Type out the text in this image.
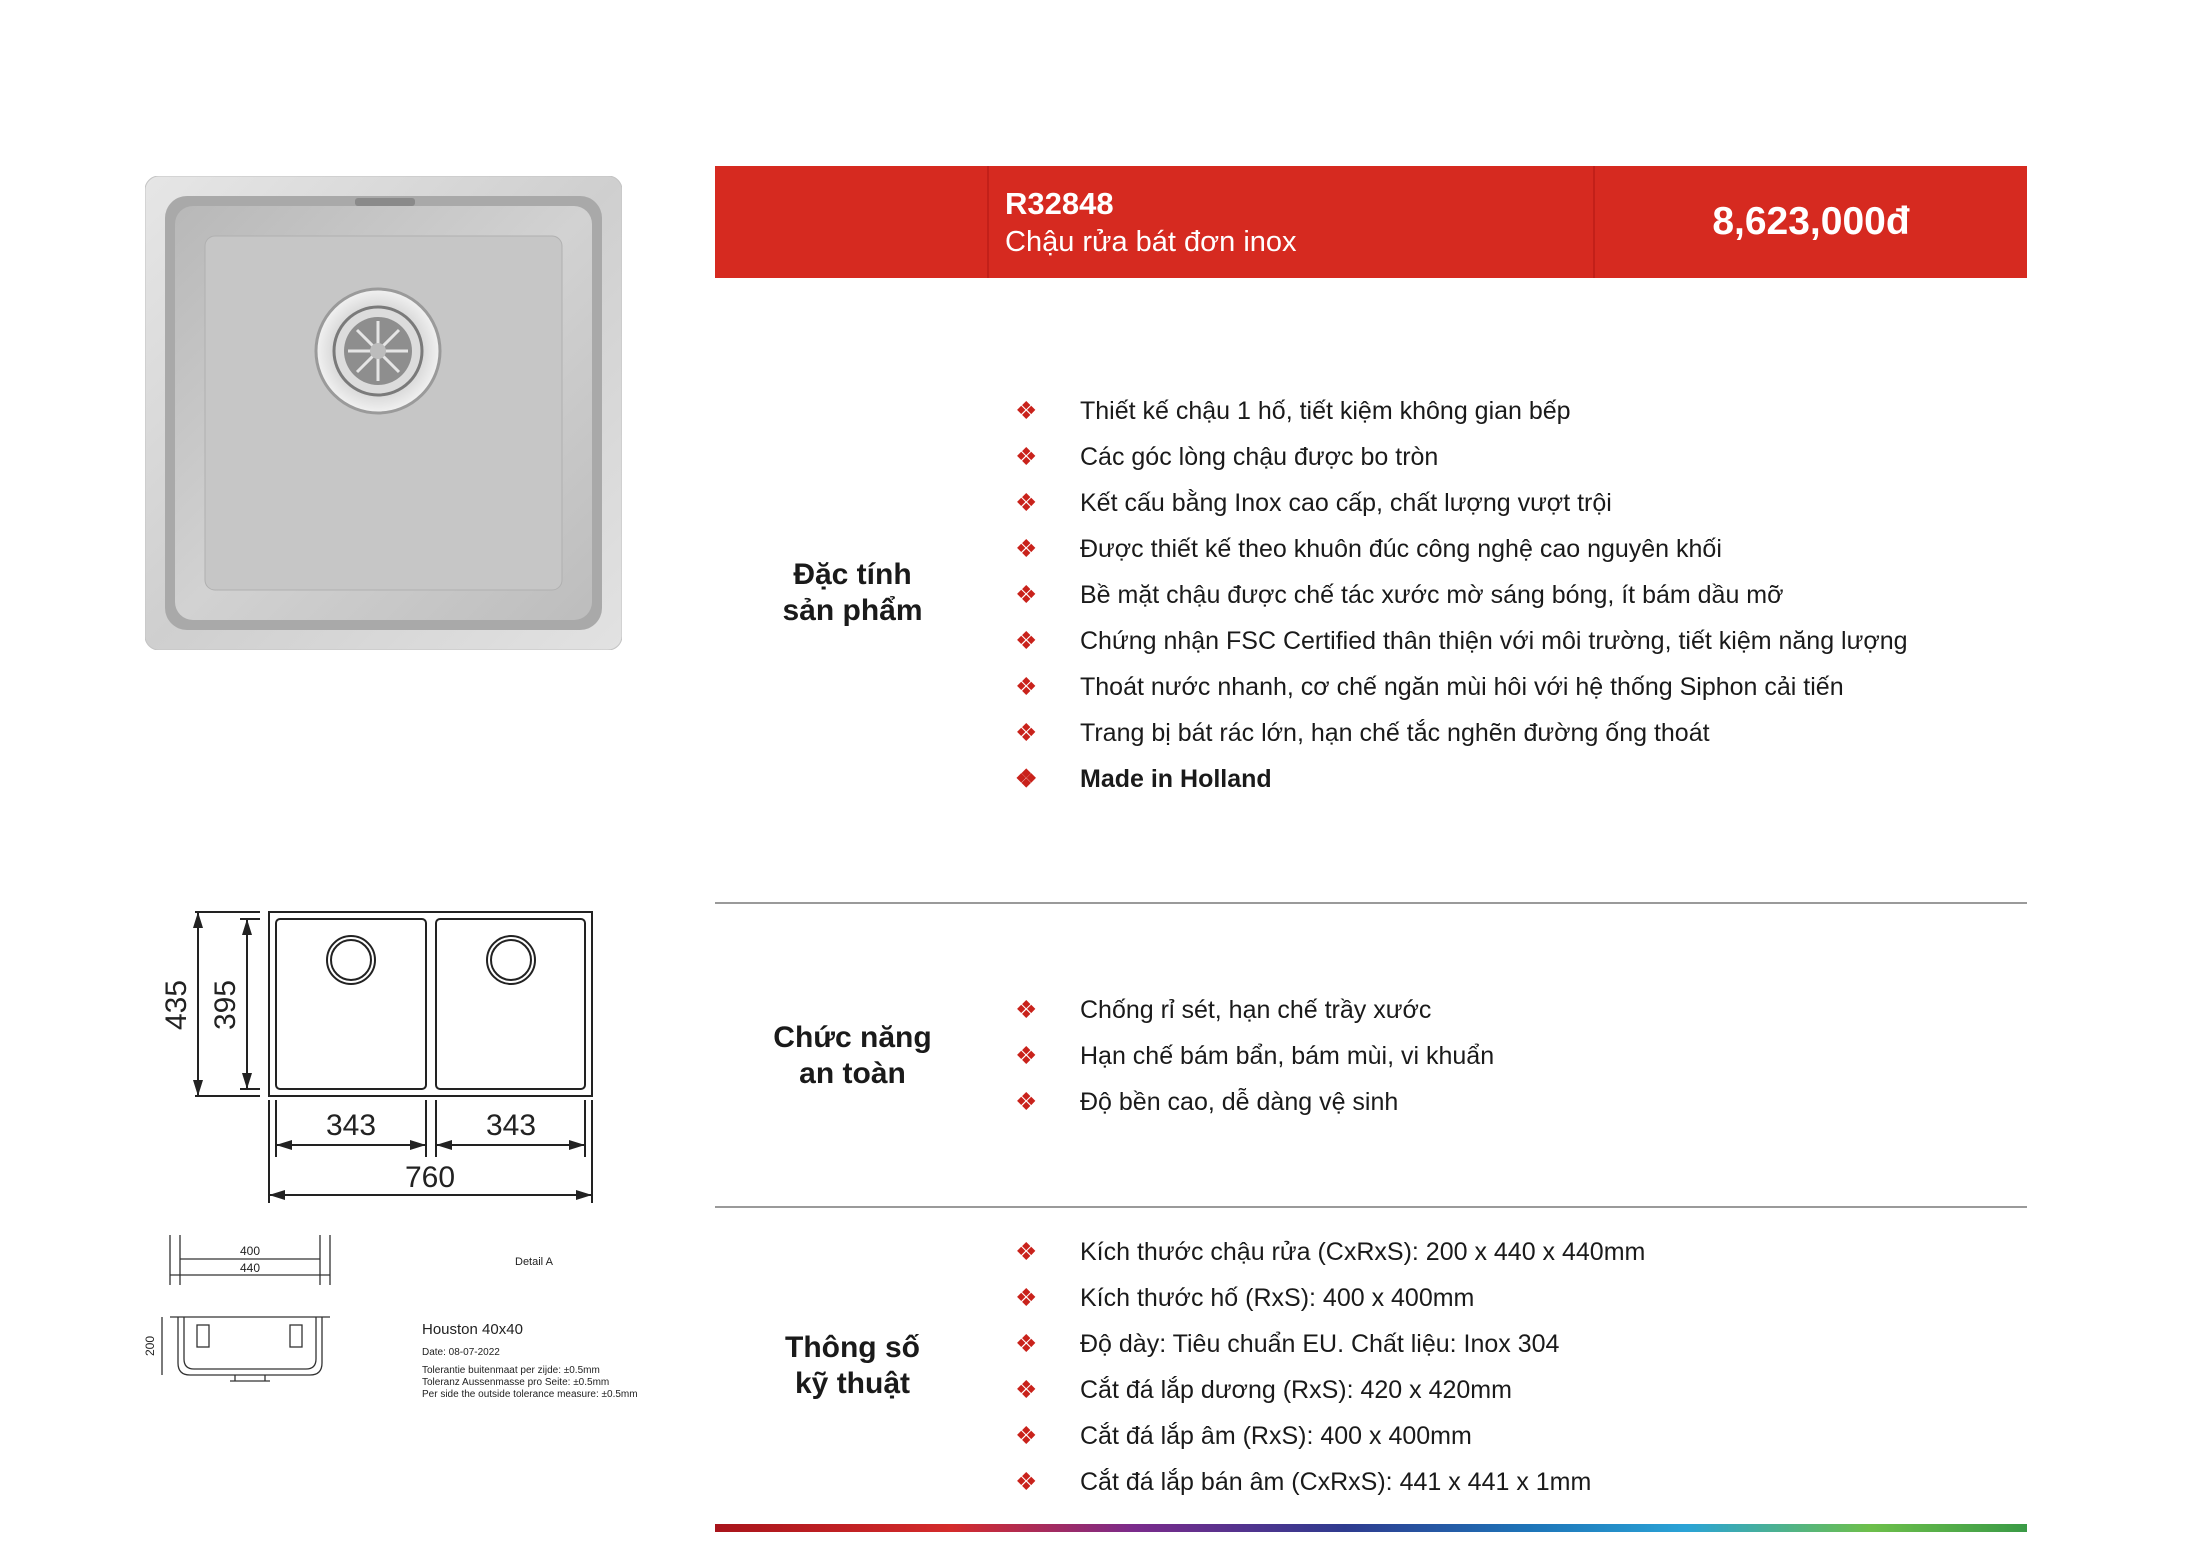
R32848
Chậu rửa bát đơn inox	8,623,000đ
Đặc tính
sản phẩm
❖ Thiết kế chậu 1 hố, tiết kiệm không gian bếp
❖ Các góc lòng chậu được bo tròn
❖ Kết cấu bằng Inox cao cấp, chất lượng vượt trội
❖ Được thiết kế theo khuôn đúc công nghệ cao nguyên khối
❖ Bề mặt chậu được chế tác xước mờ sáng bóng, ít bám dầu mỡ
❖ Chứng nhận FSC Certified thân thiện với môi trường, tiết kiệm năng lượng
❖ Thoát nước nhanh, cơ chế ngăn mùi hôi với hệ thống Siphon cải tiến
❖ Trang bị bát rác lớn, hạn chế tắc nghẽn đường ống thoát
❖ Made in Holland
Chức năng
an toàn
❖ Chống rỉ sét, hạn chế trầy xước
❖ Hạn chế bám bẩn, bám mùi, vi khuẩn
❖ Độ bền cao, dễ dàng vệ sinh
Thông số
kỹ thuật
❖ Kích thước chậu rửa (CxRxS): 200 x 440 x 440mm
❖ Kích thước hố (RxS): 400 x 400mm
❖ Độ dày: Tiêu chuẩn EU. Chất liệu: Inox 304
❖ Cắt đá lắp dương (RxS): 420 x 420mm
❖ Cắt đá lắp âm (RxS): 400 x 400mm
❖ Cắt đá lắp bán âm (CxRxS): 441 x 441 x 1mm
435 395
343	343
760
400
440
200
Detail A
Houston 40x40
Date: 08-07-2022
Tolerantie buitenmaat per zijde: ±0.5mm
Toleranz Aussenmasse pro Seite: ±0.5mm
Per side the outside tolerance measure: ±0.5mm
